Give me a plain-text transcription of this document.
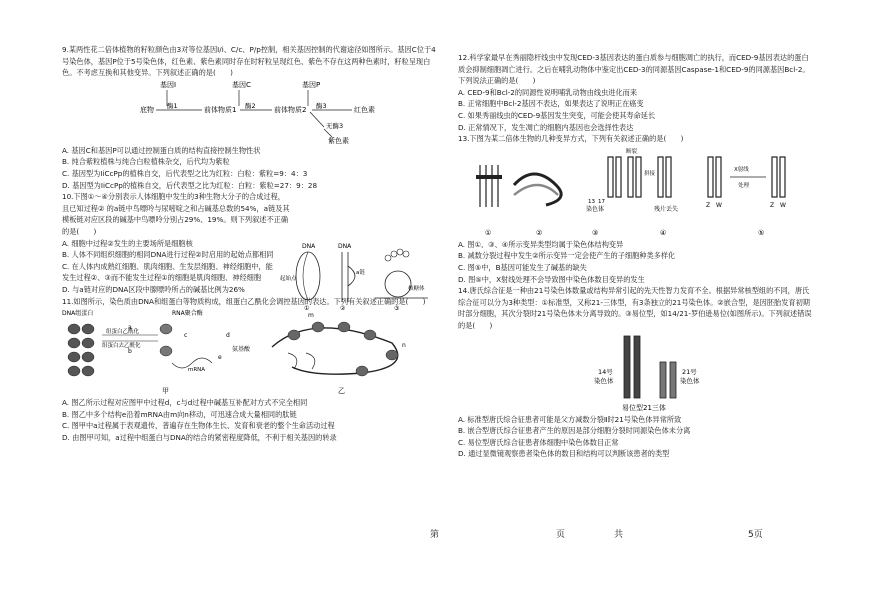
9.某两性花二倍体植物的籽粒颜色由3对等位基因I/i、C/c、P/p控制，相关基因控制的代谢途径如图所示。基因C位于4号染色体，基因P位于5号染色体，红色素、紫色素同时存在时籽粒呈现红色、紫色不存在这两种色素时，籽粒呈现白色。不考虑互换和其他变异。下列叙述正确的是(　　)

基因I	基因C	基因P
底物 酶1	前体物质1 酶2	前体物质2 酶3	红色素
无酶3
紫色素

A. 基因C和基因P可以通过控制蛋白质的结构直接控制生物性状

B. 纯合紫粒植株与纯合白粒植株杂交，后代均为紫粒

C. 基因型为IiCcPp的植株自交，后代表型之比为红粒：白粒：紫粒=9：4：3

D. 基因型为IiCcPp的植株自交，后代表型之比为红粒：白粒：紫粒=27：9：28

10.下图①～④分别表示人体细胞中发生的3种生物大分子的合成过程，且已知过程② 的a链中鸟嘌呤与尿嘧啶之和占碱基总数的54%，a链及其模板链对应区段的碱基中鸟嘌呤分别占29%、19%。则下列叙述不正确的是(　　)

DNA
起始点
①
DNA
a链
②
核糖体
③

A. 细胞中过程②发生的主要场所是细胞核

B. 人体不同组织细胞的相同DNA进行过程②时启用的起始点都相同

C. 在人体内成熟红细胞、肌肉细胞、生发层细胞、神经细胞中，能发生过程②、③而不能发生过程①的细胞是肌肉细胞、神经细胞

D. 与a链对应的DNA区段中腺嘌呤所占的碱基比例为26%

11.如图所示，染色质由DNA和组蛋白等物质构成，组蛋白乙酰化会调控基因的表达。下列有关叙述正确的是(　　)

DNA组蛋白
组蛋白乙酰化
组蛋白去乙酰化
a
b
RNA聚合酶
c	d
氨基酸
e
mRNA
甲
m
n
乙

A. 图乙所示过程对应图甲中过程d，c与d过程中碱基互补配对方式不完全相同

B. 图乙中多个结构e沿着mRNA由m向n移动，可迅速合成大量相同的肽链

C. 图甲中a过程属于表观遗传，普遍存在生物体生长、发育和衰老的整个生命活动过程

D. 由图甲可知，a过程中组蛋白与DNA的结合的紧密程度降低，不利于相关基因的转录

12.科学家最早在秀丽隐杆线虫中发现CED-3基因表达的蛋白质参与细胞凋亡的执行，而CED-9基因表达的蛋白质会抑制细胞凋亡进行。之后在哺乳动物体中鉴定出CED-3的同源基因Caspase-1和CED-9的同源基因Bcl-2。下列说法正确的是(　　)

A. CED-9和Bcl-2的同源性说明哺乳动物由线虫进化而来

B. 正常细胞中Bcl-2基因不表达，如果表达了说明正在癌变

C. 如果秀丽线虫的CED-9基因发生突变，可能会使其寿命延长

D. 正常情况下，发生凋亡的细胞内基因也会选择性表达

13.下图为某二倍体生物的几种变异方式，下列有关叙述正确的是(　　)

①	②
13 17
染色体
③
断裂
拼接
残片丢失
④
Z W
X射线
处理
Z W
⑤

A. 图①、③、④所示变异类型均属于染色体结构变异

B. 减数分裂过程中发生②所示变异一定会使产生的子细胞种类多样化

C. 图⑤中，B基因可能发生了碱基的缺失

D. 图⑤中，X射线处理不会导致图中染色体数目变异的发生

14.唐氏综合征是一种由21号染色体数量或结构异常引起的先天性智力发育不全。根据异常核型组的不同，唐氏综合征可以分为3种类型：①标准型，又称21-三体型，有3条独立的21号染色体。②嵌合型，是因胚胎发育初期时部分细胞，其次分裂时21号染色体未分离导致的。③易位型，如14/21-罗伯逊易位(如图所示)。下列叙述错误的是(　　)

14号
染色体
21号
染色体
易位型21三体

A. 标准型唐氏综合征患者可能是父方减数分裂Ⅱ时21号染色体异常所致

B. 嵌合型唐氏综合征患者产生的原因是部分细胞分裂时同源染色体未分离

C. 易位型唐氏综合征患者体细胞中染色体数目正常

D. 通过显微镜观察患者染色体的数目和结构可以判断该患者的类型

第	页	共	5页
